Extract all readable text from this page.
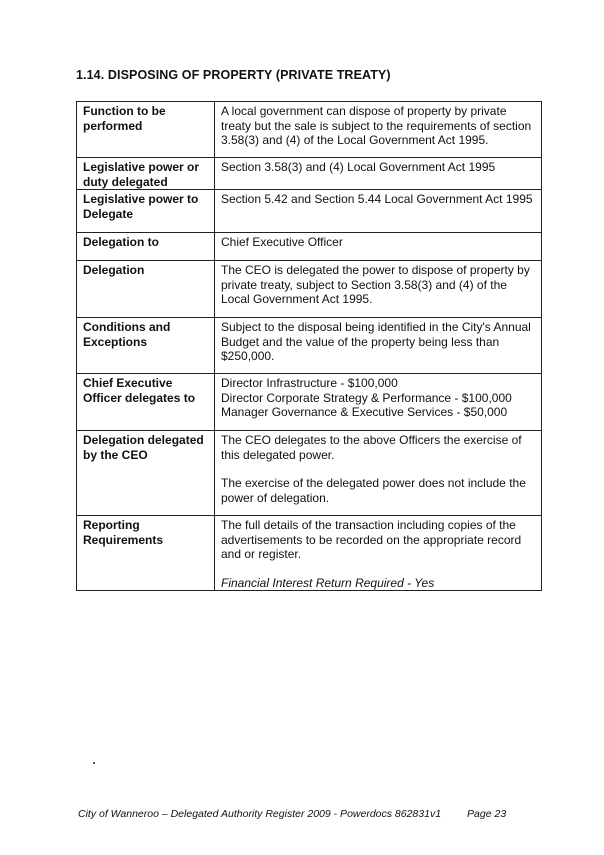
1.14. DISPOSING OF PROPERTY (PRIVATE TREATY)
Function to be performed	A local government can dispose of property by private treaty but the sale is subject to the requirements of section 3.58(3) and (4) of the Local Government Act 1995.

Legislative power or duty delegated	Section 3.58(3) and (4) Local Government Act 1995

Legislative power to Delegate	Section 5.42 and Section 5.44 Local Government Act 1995

Delegation to	Chief Executive Officer

Delegation	The CEO is delegated the power to dispose of property by private treaty, subject to Section 3.58(3) and (4) of the Local Government Act 1995.

Conditions and Exceptions	Subject to the disposal being identified in the City's Annual Budget and the value of the property being less than $250,000.

Chief Executive Officer delegates to	Director Infrastructure - $100,000
Director Corporate Strategy & Performance - $100,000
Manager Governance & Executive Services - $50,000

Delegation delegated by the CEO	The CEO delegates to the above Officers the exercise of this delegated power.
The exercise of the delegated power does not include the power of delegation.

Reporting Requirements	The full details of the transaction including copies of the advertisements to be recorded on the appropriate record and or register.
Financial Interest Return Required - Yes
City of Wanneroo – Delegated Authority Register 2009 - Powerdocs 862831v1 Page 23
